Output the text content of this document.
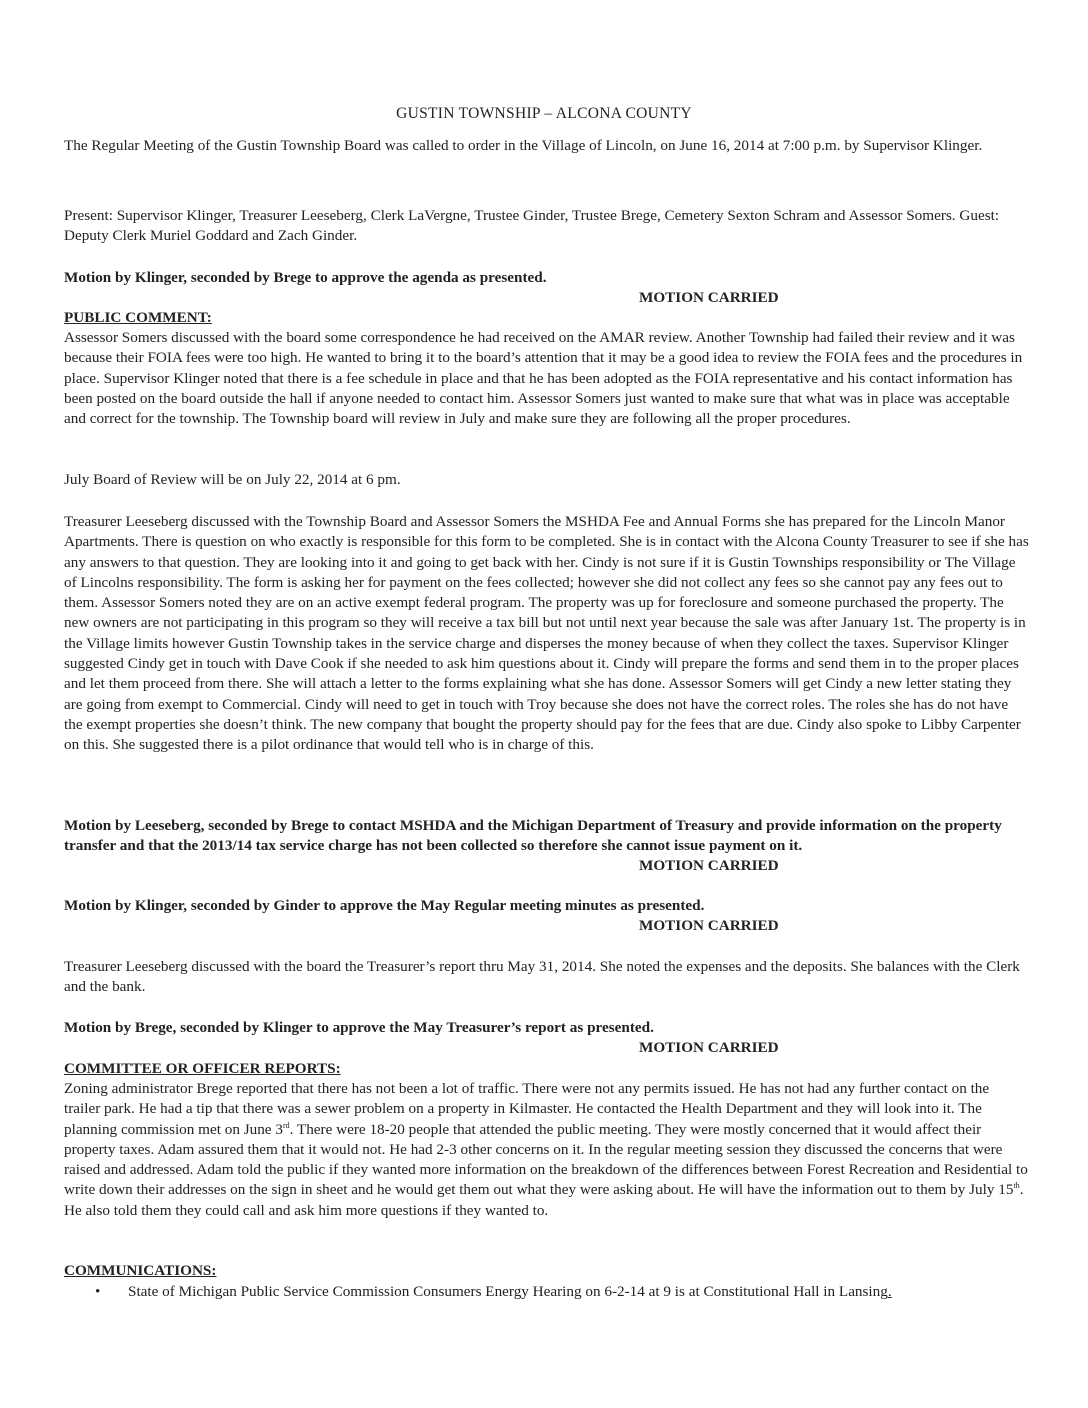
GUSTIN TOWNSHIP – ALCONA COUNTY

The Regular Meeting of the Gustin Township Board was called to order in the Village of Lincoln, on June 16, 2014 at 7:00 p.m. by Supervisor Klinger.

Present: Supervisor Klinger, Treasurer Leeseberg, Clerk LaVergne, Trustee Ginder, Trustee Brege, Cemetery Sexton Schram and Assessor Somers. Guest: Deputy Clerk Muriel Goddard and Zach Ginder.

Motion by Klinger, seconded by Brege to approve the agenda as presented.

MOTION CARRIED
PUBLIC COMMENT:

Assessor Somers discussed with the board some correspondence he had received on the AMAR review. Another Township had failed their review and it was because their FOIA fees were too high. He wanted to bring it to the board’s attention that it may be a good idea to review the FOIA fees and the procedures in place. Supervisor Klinger noted that there is a fee schedule in place and that he has been adopted as the FOIA representative and his contact information has been posted on the board outside the hall if anyone needed to contact him. Assessor Somers just wanted to make sure that what was in place was acceptable and correct for the township. The Township board will review in July and make sure they are following all the proper procedures.

July Board of Review will be on July 22, 2014 at 6 pm.

Treasurer Leeseberg discussed with the Township Board and Assessor Somers the MSHDA Fee and Annual Forms she has prepared for the Lincoln Manor Apartments. There is question on who exactly is responsible for this form to be completed. She is in contact with the Alcona County Treasurer to see if she has any answers to that question. They are looking into it and going to get back with her. Cindy is not sure if it is Gustin Townships responsibility or The Village of Lincolns responsibility. The form is asking her for payment on the fees collected; however she did not collect any fees so she cannot pay any fees out to them. Assessor Somers noted they are on an active exempt federal program. The property was up for foreclosure and someone purchased the property. The new owners are not participating in this program so they will receive a tax bill but not until next year because the sale was after January 1st. The property is in the Village limits however Gustin Township takes in the service charge and disperses the money because of when they collect the taxes. Supervisor Klinger suggested Cindy get in touch with Dave Cook if she needed to ask him questions about it. Cindy will prepare the forms and send them in to the proper places and let them proceed from there. She will attach a letter to the forms explaining what she has done. Assessor Somers will get Cindy a new letter stating they are going from exempt to Commercial. Cindy will need to get in touch with Troy because she does not have the correct roles. The roles she has do not have the exempt properties she doesn’t think. The new company that bought the property should pay for the fees that are due. Cindy also spoke to Libby Carpenter on this. She suggested there is a pilot ordinance that would tell who is in charge of this.

Motion by Leeseberg, seconded by Brege to contact MSHDA and the Michigan Department of Treasury and provide information on the property transfer and that the 2013/14 tax service charge has not been collected so therefore she cannot issue payment on it.

MOTION CARRIED

Motion by Klinger, seconded by Ginder to approve the May Regular meeting minutes as presented.

MOTION CARRIED

Treasurer Leeseberg discussed with the board the Treasurer’s report thru May 31, 2014. She noted the expenses and the deposits. She balances with the Clerk and the bank.

Motion by Brege, seconded by Klinger to approve the May Treasurer’s report as presented.

MOTION CARRIED
COMMITTEE OR OFFICER REPORTS:

Zoning administrator Brege reported that there has not been a lot of traffic. There were not any permits issued. He has not had any further contact on the trailer park. He had a tip that there was a sewer problem on a property in Kilmaster. He contacted the Health Department and they will look into it. The planning commission met on June 3rd. There were 18-20 people that attended the public meeting. They were mostly concerned that it would affect their property taxes. Adam assured them that it would not. He had 2-3 other concerns on it. In the regular meeting session they discussed the concerns that were raised and addressed. Adam told the public if they wanted more information on the breakdown of the differences between Forest Recreation and Residential to write down their addresses on the sign in sheet and he would get them out what they were asking about. He will have the information out to them by July 15th. He also told them they could call and ask him more questions if they wanted to.

COMMUNICATIONS:
• State of Michigan Public Service Commission Consumers Energy Hearing on 6-2-14 at 9 is at Constitutional Hall in Lansing.
